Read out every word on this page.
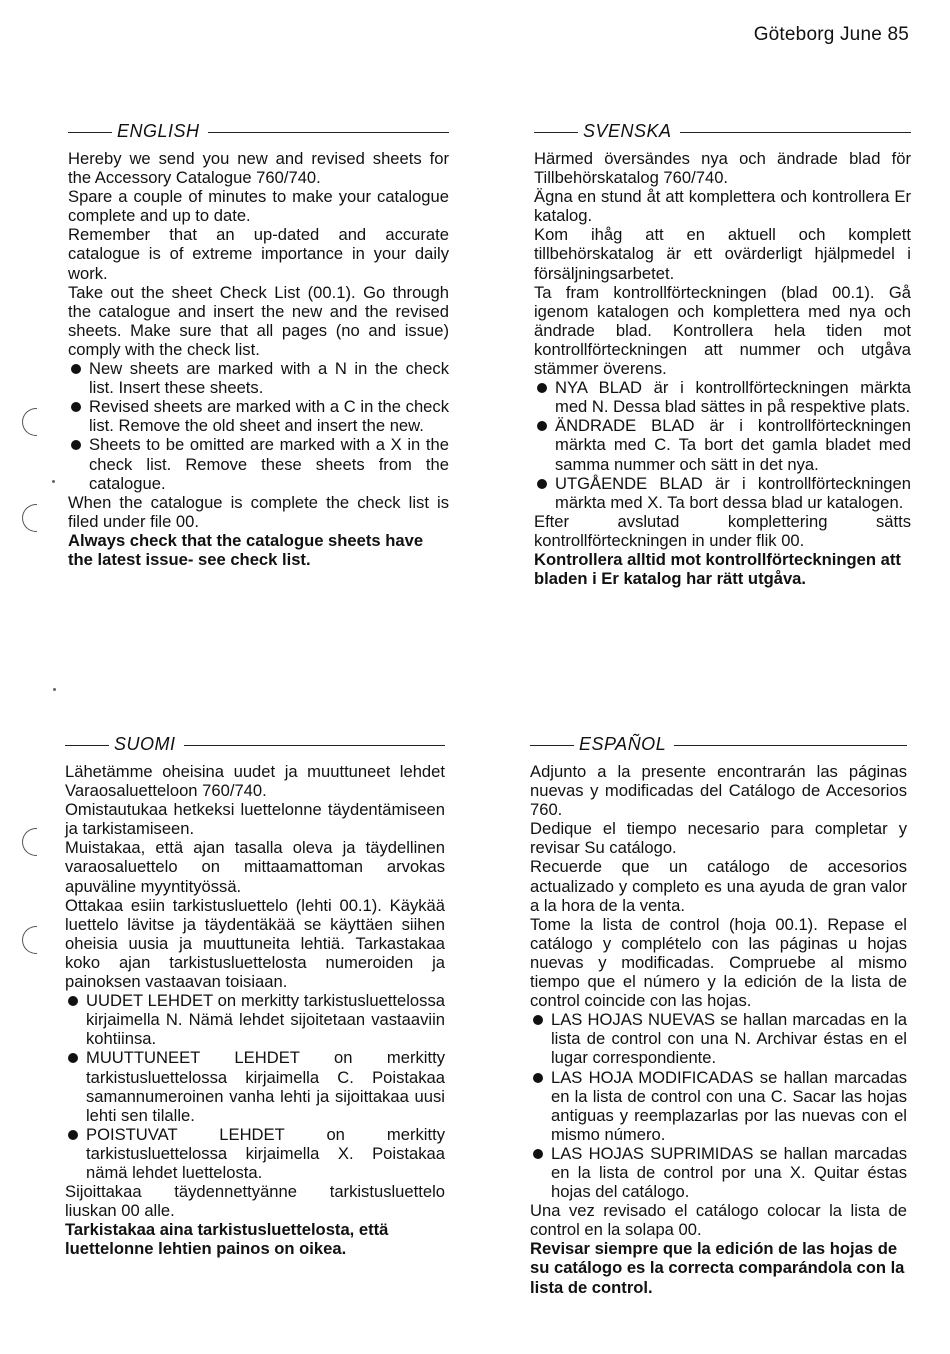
Göteborg June 85
ENGLISH

Hereby we send you new and revised sheets for the Accessory Catalogue 760/740.

Spare a couple of minutes to make your catalogue complete and up to date.

Remember that an up-dated and accurate catalogue is of extreme importance in your daily work.

Take out the sheet Check List (00.1). Go through the catalogue and insert the new and the revised sheets. Make sure that all pages (no and issue) comply with the check list.

New sheets are marked with a N in the check list. Insert these sheets.
Revised sheets are marked with a C in the check list. Remove the old sheet and insert the new.
Sheets to be omitted are marked with a X in the check list. Remove these sheets from the catalogue.

When the catalogue is complete the check list is filed under file 00.

Always check that the catalogue sheets have the latest issue- see check list.

SVENSKA

Härmed översändes nya och ändrade blad för Tillbehörskatalog 760/740.

Ägna en stund åt att komplettera och kontrollera Er katalog.

Kom ihåg att en aktuell och komplett tillbehörskatalog är ett ovärderligt hjälpmedel i försäljningsarbetet.

Ta fram kontrollförteckningen (blad 00.1). Gå igenom katalogen och komplettera med nya och ändrade blad. Kontrollera hela tiden mot kontrollförteckningen att nummer och utgåva stämmer överens.

NYA BLAD är i kontrollförteckningen märkta med N. Dessa blad sättes in på respektive plats.
ÄNDRADE BLAD är i kontrollförteckningen märkta med C. Ta bort det gamla bladet med samma nummer och sätt in det nya.
UTGÅENDE BLAD är i kontrollförteckningen märkta med X. Ta bort dessa blad ur katalogen.

Efter avslutad komplettering sätts kontrollförteckningen in under flik 00.

Kontrollera alltid mot kontrollförteckningen att bladen i Er katalog har rätt utgåva.

SUOMI

Lähetämme oheisina uudet ja muuttuneet lehdet Varaosaluetteloon 760/740.

Omistautukaa hetkeksi luettelonne täydentämiseen ja tarkistamiseen.

Muistakaa, että ajan tasalla oleva ja täydellinen varaosaluettelo on mittaamattoman arvokas apuväline myyntityössä.

Ottakaa esiin tarkistusluettelo (lehti 00.1). Käykää luettelo lävitse ja täydentäkää se käyttäen siihen oheisia uusia ja muuttuneita lehtiä. Tarkastakaa koko ajan tarkistusluettelosta numeroiden ja painoksen vastaavan toisiaan.

UUDET LEHDET on merkitty tarkistusluettelossa kirjaimella N. Nämä lehdet sijoitetaan vastaaviin kohtiinsa.
MUUTTUNEET LEHDET on merkitty tarkistusluettelossa kirjaimella C. Poistakaa samannumeroinen vanha lehti ja sijoittakaa uusi lehti sen tilalle.
POISTUVAT LEHDET on merkitty tarkistusluettelossa kirjaimella X. Poistakaa nämä lehdet luettelosta.

Sijoittakaa täydennettyänne tarkistusluettelo liuskan 00 alle.

Tarkistakaa aina tarkistusluettelosta, että luettelonne lehtien painos on oikea.

ESPAÑOL

Adjunto a la presente encontrarán las páginas nuevas y modificadas del Catálogo de Accesorios 760.

Dedique el tiempo necesario para completar y revisar Su catálogo.

Recuerde que un catálogo de accesorios actualizado y completo es una ayuda de gran valor a la hora de la venta.

Tome la lista de control (hoja 00.1). Repase el catálogo y complételo con las páginas u hojas nuevas y modificadas. Compruebe al mismo tiempo que el número y la edición de la lista de control coincide con las hojas.

LAS HOJAS NUEVAS se hallan marcadas en la lista de control con una N. Archivar éstas en el lugar correspondiente.
LAS HOJA MODIFICADAS se hallan marcadas en la lista de control con una C. Sacar las hojas antiguas y reemplazarlas por las nuevas con el mismo número.
LAS HOJAS SUPRIMIDAS se hallan marcadas en la lista de control por una X. Quitar éstas hojas del catálogo.

Una vez revisado el catálogo colocar la lista de control en la solapa 00.

Revisar siempre que la edición de las hojas de su catálogo es la correcta comparándola con la lista de control.
